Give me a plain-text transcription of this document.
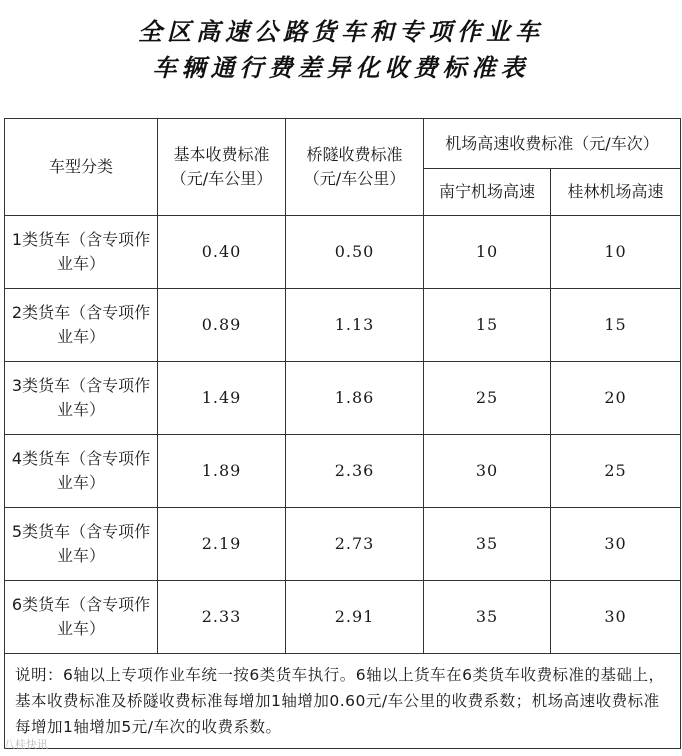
全区高速公路货车和专项作业车
车辆通行费差异化收费标准表
车型分类	基本收费标准（元/车公里）	桥隧收费标准（元/车公里）	机场高速收费标准（元/车次）	
			南宁机场高速	桂林机场高速
1类货车（含专项作业车）	0.40	0.50	10	10
2类货车（含专项作业车）	0.89	1.13	15	15
3类货车（含专项作业车）	1.49	1.86	25	20
4类货车（含专项作业车）	1.89	2.36	30	25
5类货车（含专项作业车）	2.19	2.73	35	30
6类货车（含专项作业车）	2.33	2.91	35	30
说明：6轴以上专项作业车统一按6类货车执行。6轴以上货车在6类货车收费标准的基础上，基本收费标准及桥隧收费标准每增加1轴增加0.60元/车公里的收费系数；机场高速收费标准每增加1轴增加5元/车次的收费系数。				
八桂快讯
